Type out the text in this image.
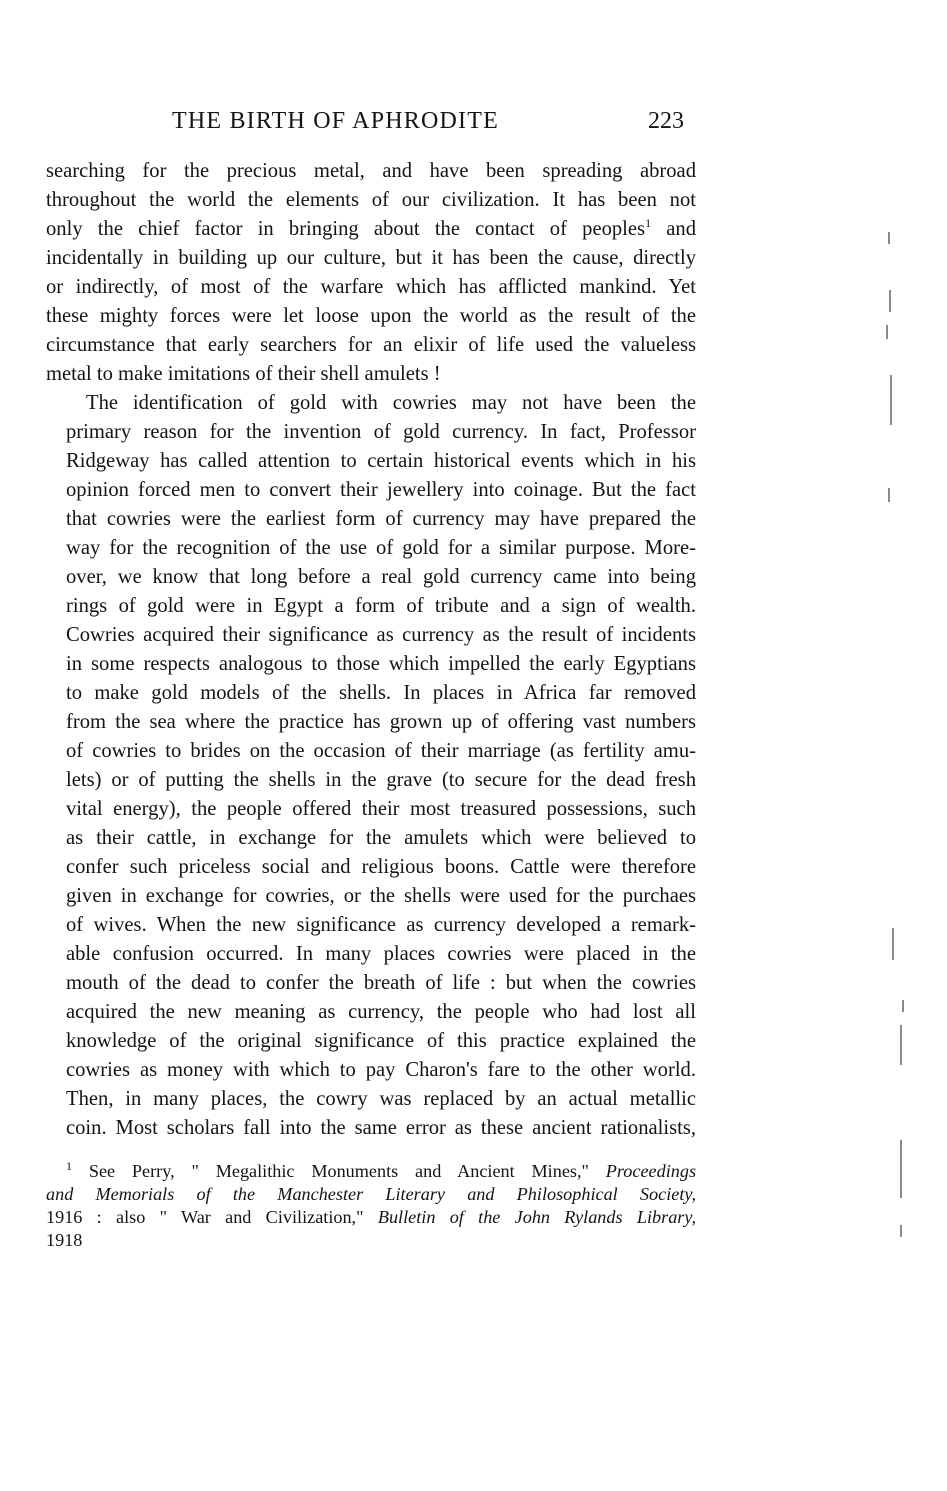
THE BIRTH OF APHRODITE	223

searching for the precious metal, and have been spreading abroad
throughout the world the elements of our civilization. It has been not
only the chief factor in bringing about the contact of peoples$^1$ and
incidentally in building up our culture, but it has been the cause, directly
or indirectly, of most of the warfare which has afflicted mankind. Yet
these mighty forces were let loose upon the world as the result of the
circumstance that early searchers for an elixir of life used the valueless
metal to make imitations of their shell amulets !

The identification of gold with cowries may not have been the
primary reason for the invention of gold currency. In fact, Professor
Ridgeway has called attention to certain historical events which in his
opinion forced men to convert their jewellery into coinage. But the fact
that cowries were the earliest form of currency may have prepared the
way for the recognition of the use of gold for a similar purpose. More-
over, we know that long before a real gold currency came into being
rings of gold were in Egypt a form of tribute and a sign of wealth.
Cowries acquired their significance as currency as the result of incidents
in some respects analogous to those which impelled the early Egyptians
to make gold models of the shells. In places in Africa far removed
from the sea where the practice has grown up of offering vast numbers
of cowries to brides on the occasion of their marriage (as fertility amu-
lets) or of putting the shells in the grave (to secure for the dead fresh
vital energy), the people offered their most treasured possessions, such
as their cattle, in exchange for the amulets which were believed to
confer such priceless social and religious boons. Cattle were therefore
given in exchange for cowries, or the shells were used for the purchaes
of wives. When the new significance as currency developed a remark-
able confusion occurred. In many places cowries were placed in the
mouth of the dead to confer the breath of life : but when the cowries
acquired the new meaning as currency, the people who had lost all
knowledge of the original significance of this practice explained the
cowries as money with which to pay Charon's fare to the other world.
Then, in many places, the cowry was replaced by an actual metallic
coin. Most scholars fall into the same error as these ancient rationalists,

$^1$ See Perry, " Megalithic Monuments and Ancient Mines," Proceedings
and Memorials of the Manchester Literary and Philosophical Society,
1916 : also " War and Civilization," Bulletin of the John Rylands Library,
1918
